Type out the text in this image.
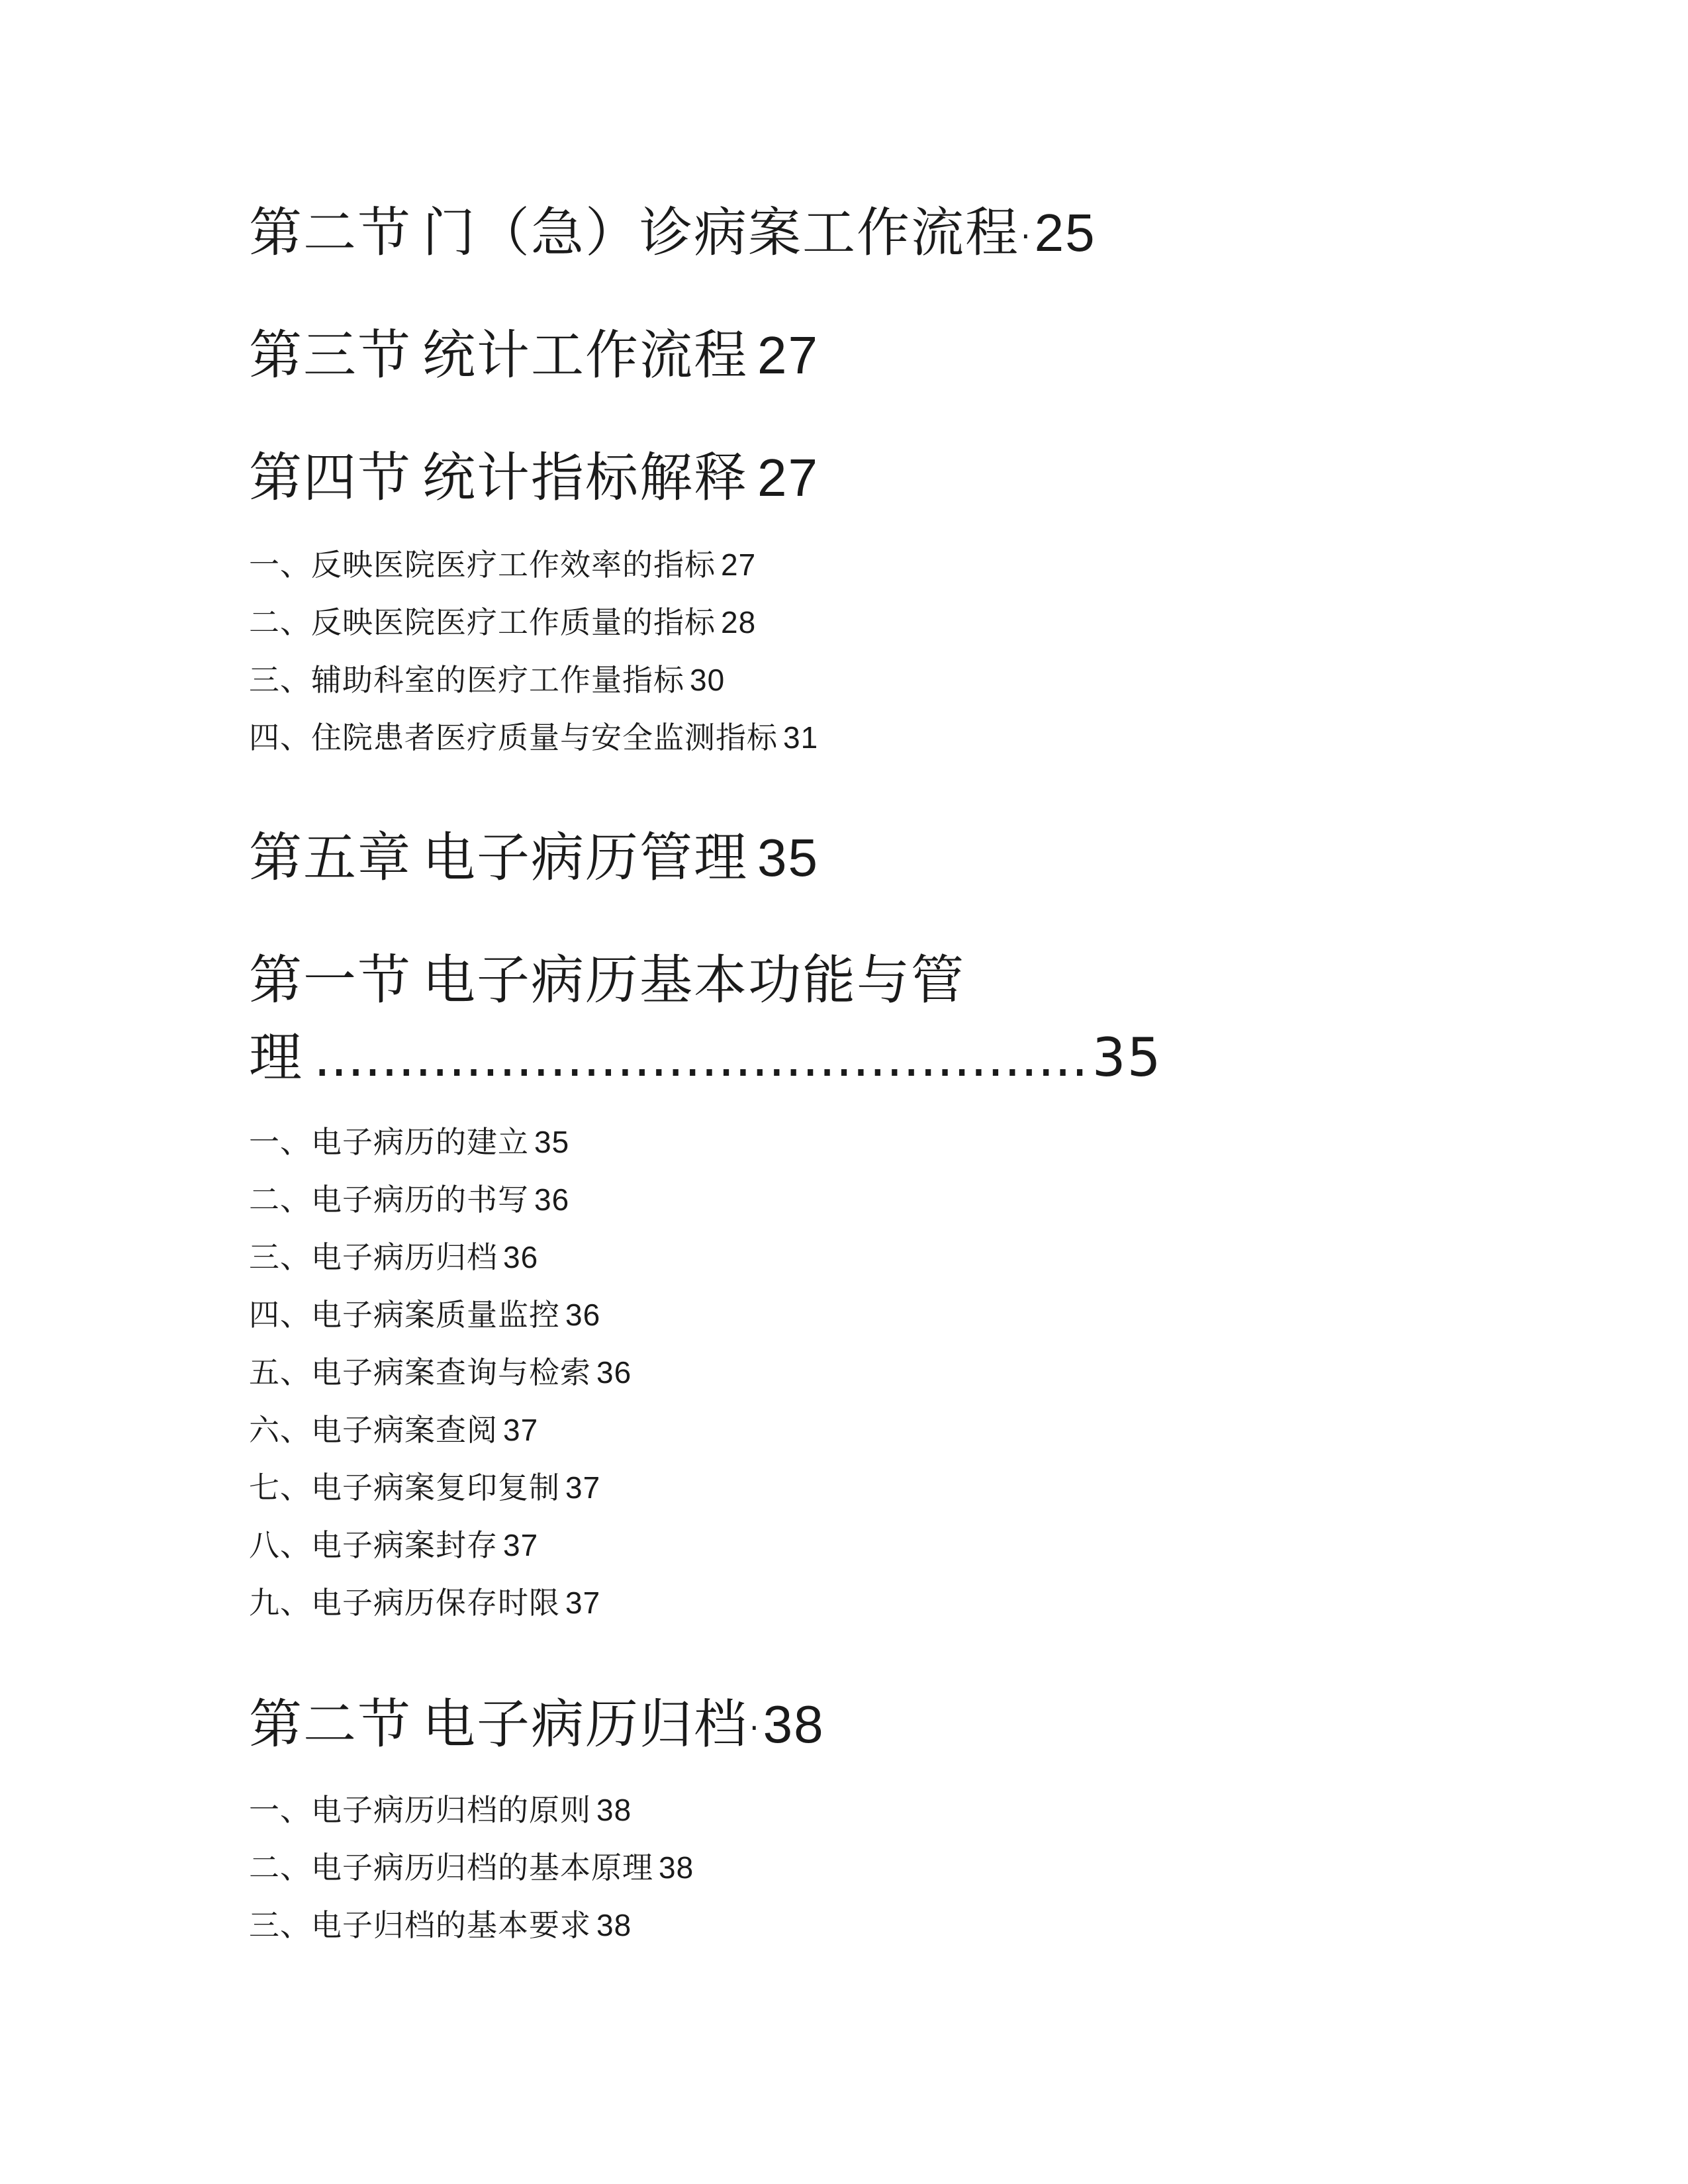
第二节 门（急）诊病案工作流程·25
第三节 统计工作流程 27
第四节 统计指标解释 27
一、反映医院医疗工作效率的指标 27
二、反映医院医疗工作质量的指标 28
三、辅助科室的医疗工作量指标 30
四、住院患者医疗质量与安全监测指标 31
第五章 电子病历管理 35
第一节 电子病历基本功能与管
理 ..............................................35
一、电子病历的建立 35
二、电子病历的书写 36
三、电子病历归档 36
四、电子病案质量监控 36
五、电子病案查询与检索 36
六、电子病案查阅 37
七、电子病案复印复制 37
八、电子病案封存 37
九、电子病历保存时限 37
第二节 电子病历归档·38
一、电子病历归档的原则 38
二、电子病历归档的基本原理 38
三、电子归档的基本要求 38
